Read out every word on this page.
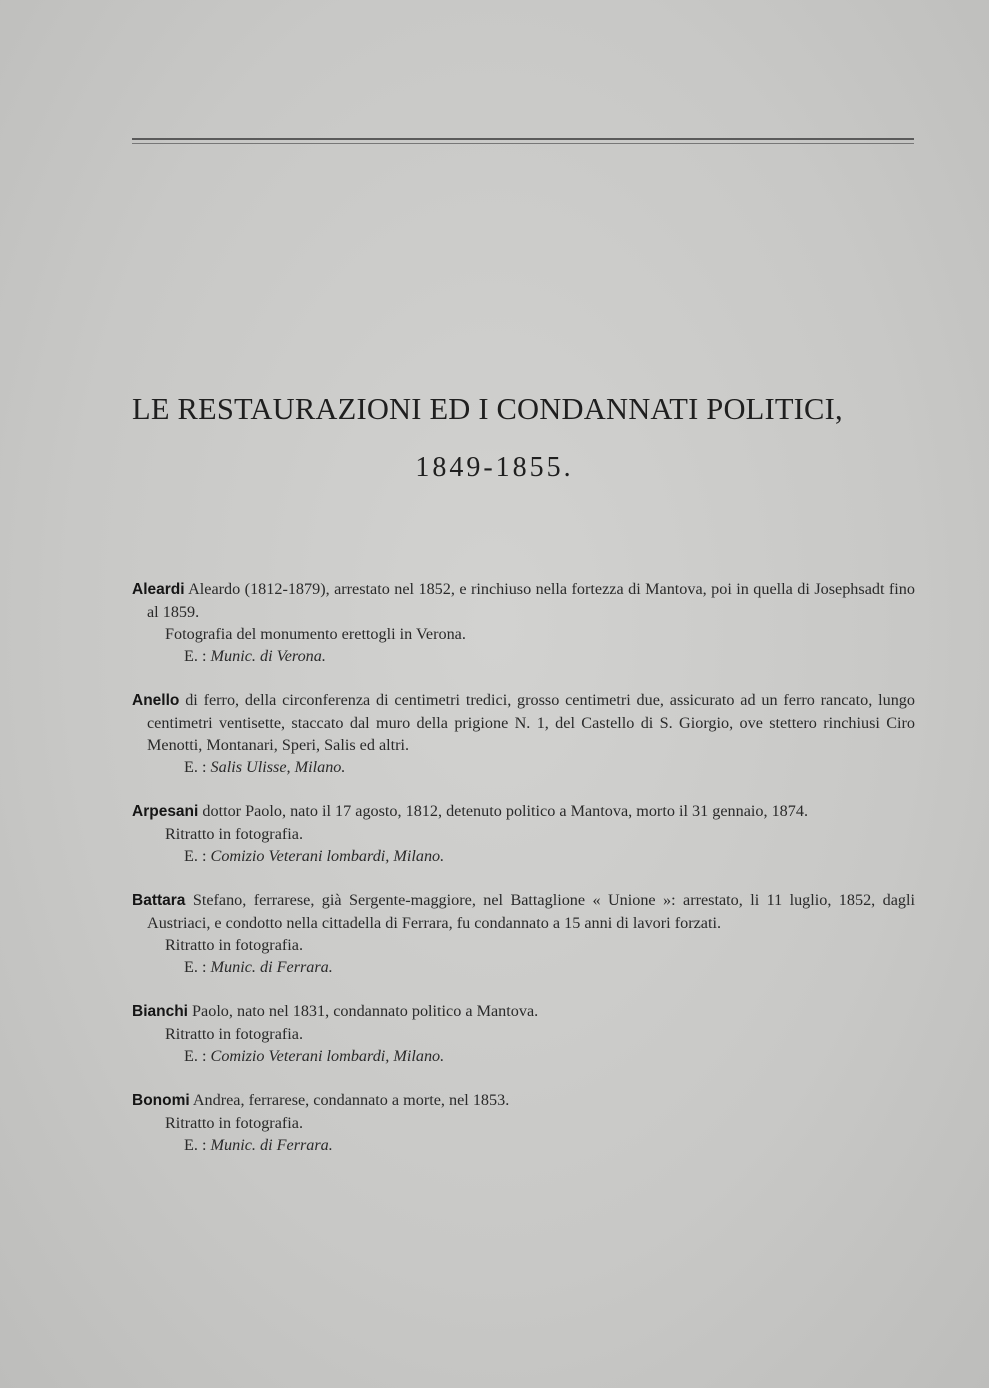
LE RESTAURAZIONI ED I CONDANNATI POLITICI,
1849-1855.

Aleardi Aleardo (1812-1879), arrestato nel 1852, e rinchiuso nella fortezza di Mantova, poi in quella di Josephsadt fino al 1859.

Fotografia del monumento erettogli in Verona.

E. : Munic. di Verona.

Anello di ferro, della circonferenza di centimetri tredici, grosso centimetri due, assicurato ad un ferro rancato, lungo centimetri ventisette, staccato dal muro della prigione N. 1, del Castello di S. Giorgio, ove stettero rinchiusi Ciro Menotti, Montanari, Speri, Salis ed altri.

E. : Salis Ulisse, Milano.

Arpesani dottor Paolo, nato il 17 agosto, 1812, detenuto politico a Mantova, morto il 31 gennaio, 1874.

Ritratto in fotografia.

E. : Comizio Veterani lombardi, Milano.

Battara Stefano, ferrarese, già Sergente-maggiore, nel Battaglione « Unione »: arrestato, li 11 luglio, 1852, dagli Austriaci, e condotto nella cittadella di Ferrara, fu condannato a 15 anni di lavori forzati.

Ritratto in fotografia.

E. : Munic. di Ferrara.

Bianchi Paolo, nato nel 1831, condannato politico a Mantova.

Ritratto in fotografia.

E. : Comizio Veterani lombardi, Milano.

Bonomi Andrea, ferrarese, condannato a morte, nel 1853.

Ritratto in fotografia.

E. : Munic. di Ferrara.
